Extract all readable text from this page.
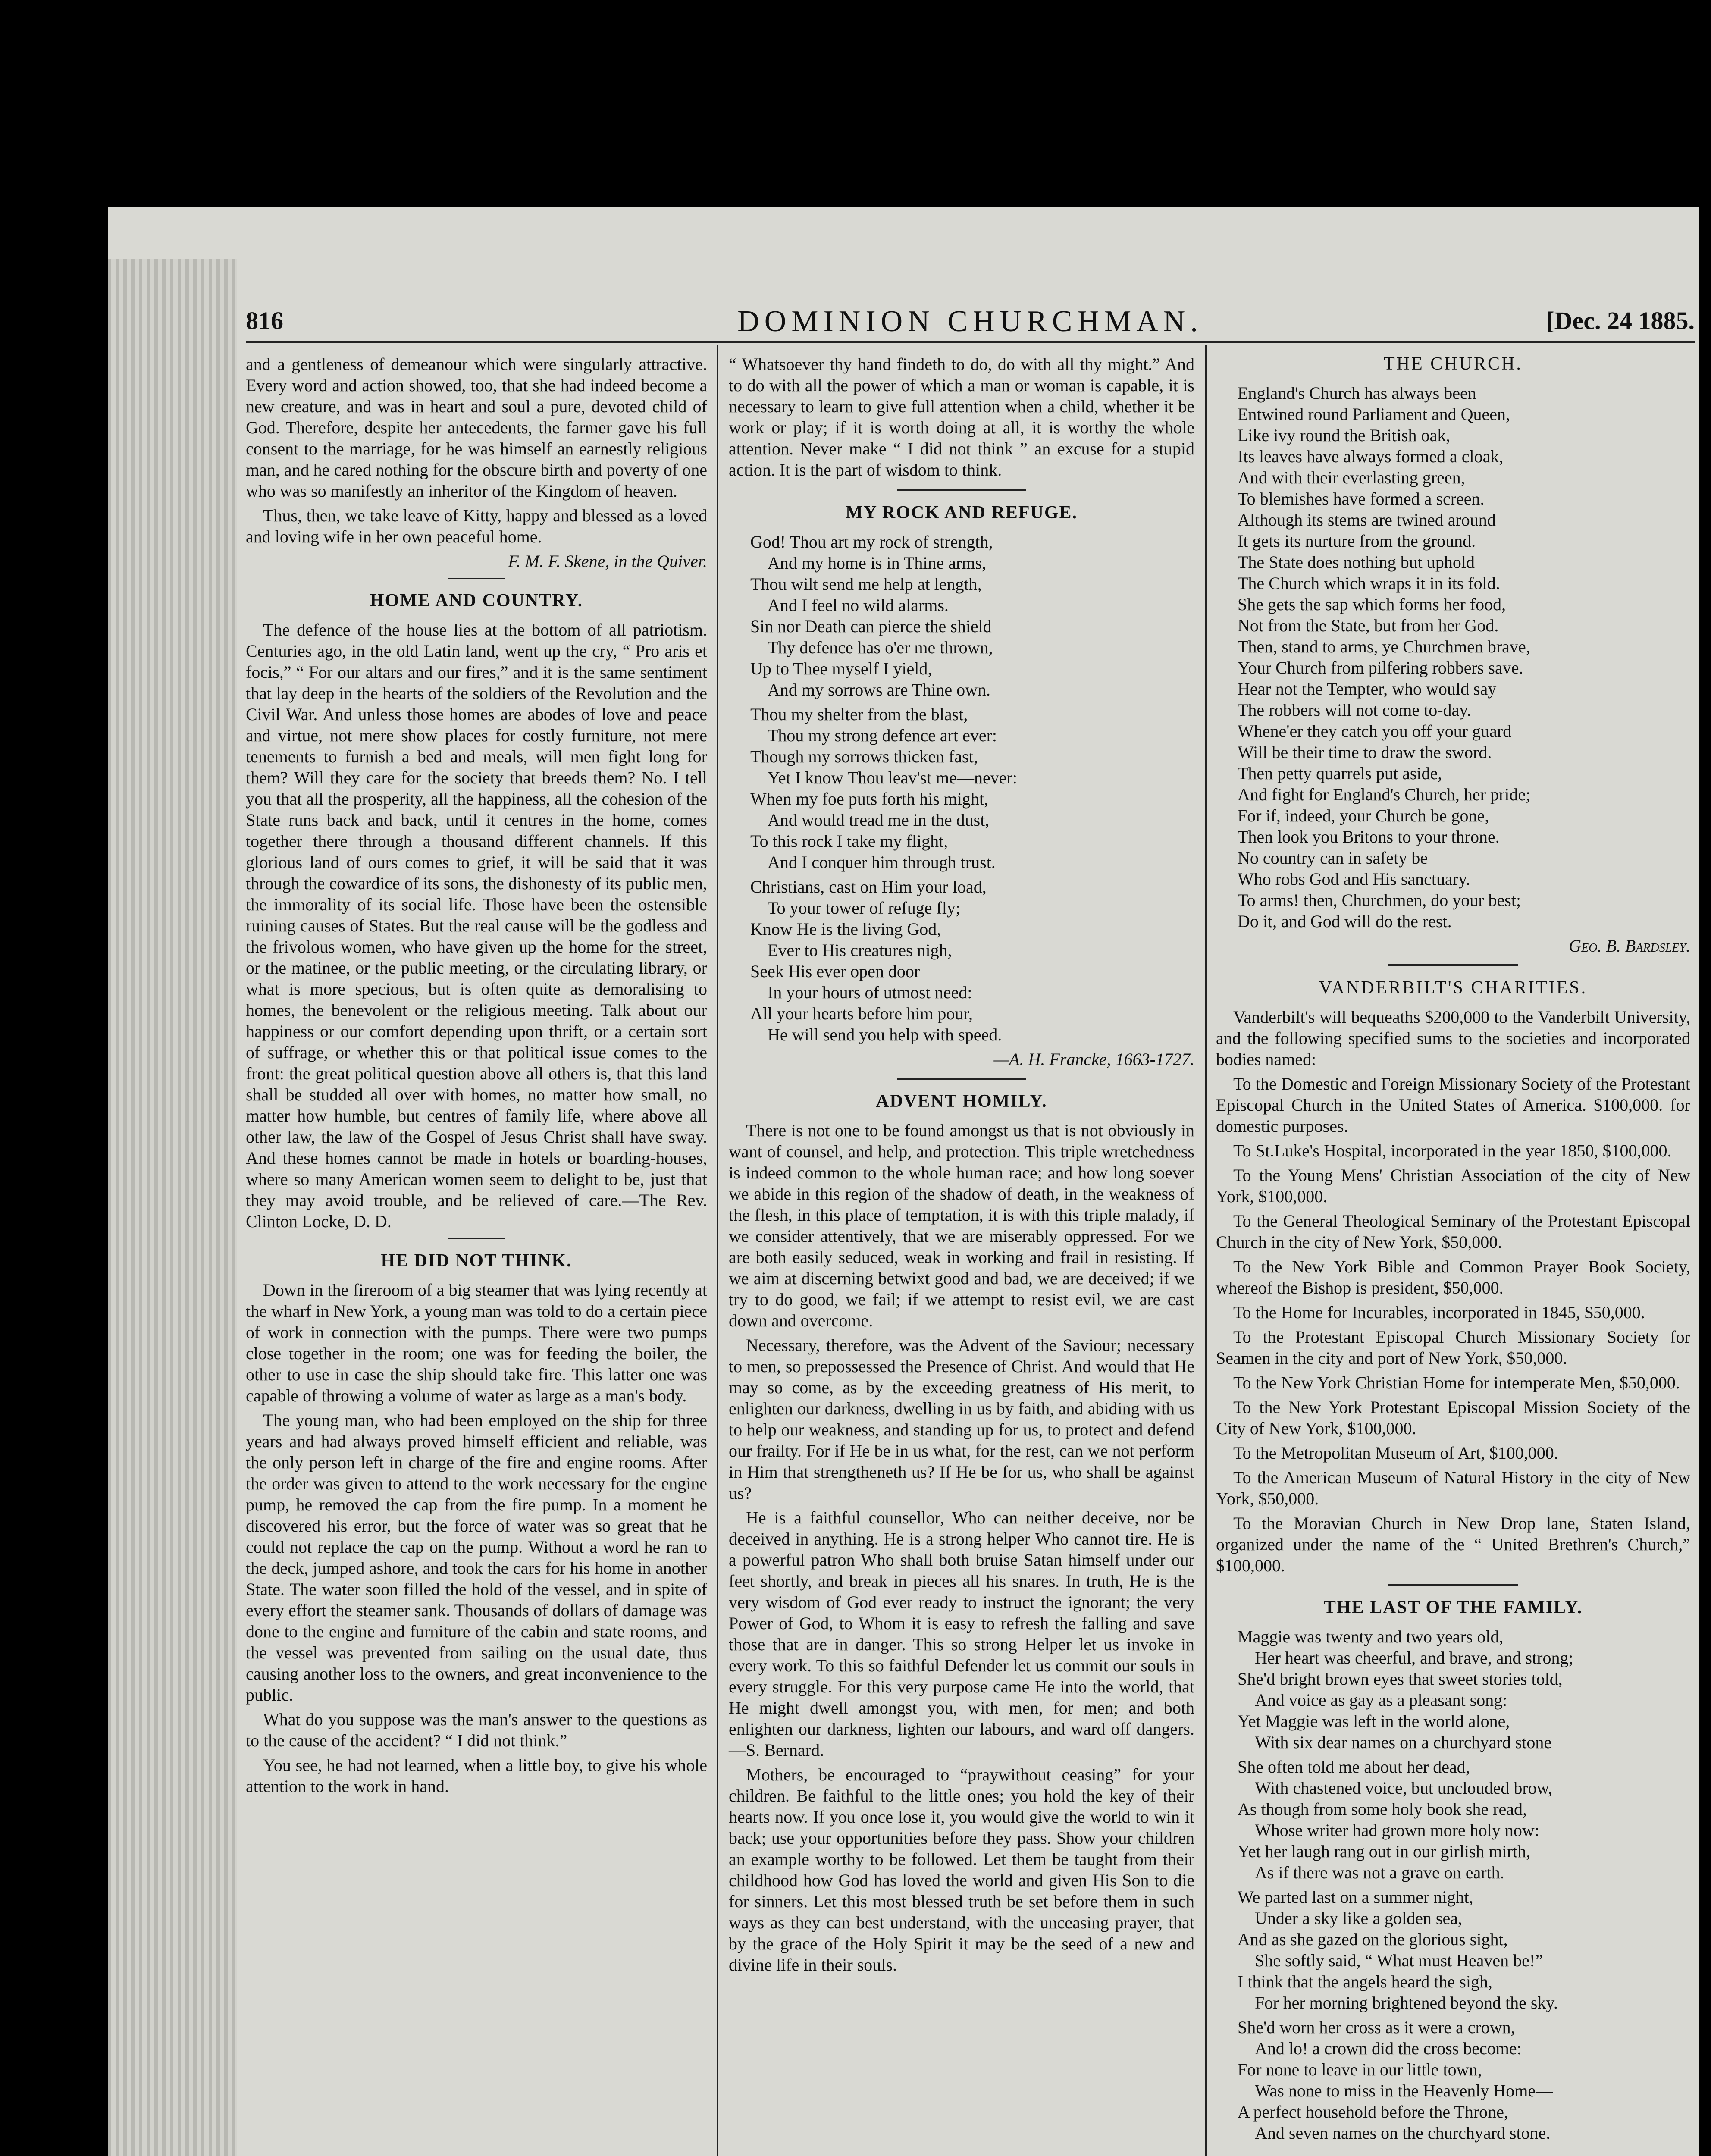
816	DOMINION CHURCHMAN.	[Dec. 24 1885.

and a gentleness of demeanour which were singularly attractive. Every word and action showed, too, that she had indeed become a new creature, and was in heart and soul a pure, devoted child of God. Therefore, despite her antecedents, the farmer gave his full consent to the marriage, for he was himself an earnestly religious man, and he cared nothing for the obscure birth and poverty of one who was so manifestly an inheritor of the Kingdom of heaven.

Thus, then, we take leave of Kitty, happy and blessed as a loved and loving wife in her own peaceful home.

F. M. F. Skene, in the Quiver.
HOME AND COUNTRY.

The defence of the house lies at the bottom of all patriotism. Centuries ago, in the old Latin land, went up the cry, “ Pro aris et focis,” “ For our altars and our fires,” and it is the same sentiment that lay deep in the hearts of the soldiers of the Revolution and the Civil War. And unless those homes are abodes of love and peace and virtue, not mere show places for costly furniture, not mere tenements to furnish a bed and meals, will men fight long for them? Will they care for the society that breeds them? No. I tell you that all the prosperity, all the happiness, all the cohesion of the State runs back and back, until it centres in the home, comes together there through a thousand different channels. If this glorious land of ours comes to grief, it will be said that it was through the cowardice of its sons, the dishonesty of its public men, the immorality of its social life. Those have been the ostensible ruining causes of States. But the real cause will be the godless and the frivolous women, who have given up the home for the street, or the matinee, or the public meeting, or the circulating library, or what is more specious, but is often quite as demoralising to homes, the benevolent or the religious meeting. Talk about our happiness or our comfort depending upon thrift, or a certain sort of suffrage, or whether this or that political issue comes to the front: the great political question above all others is, that this land shall be studded all over with homes, no matter how small, no matter how humble, but centres of family life, where above all other law, the law of the Gospel of Jesus Christ shall have sway. And these homes cannot be made in hotels or boarding-houses, where so many American women seem to delight to be, just that they may avoid trouble, and be relieved of care.—The Rev. Clinton Locke, D. D.

HE DID NOT THINK.

Down in the fireroom of a big steamer that was lying recently at the wharf in New York, a young man was told to do a certain piece of work in connection with the pumps. There were two pumps close together in the room; one was for feeding the boiler, the other to use in case the ship should take fire. This latter one was capable of throwing a volume of water as large as a man's body.

The young man, who had been employed on the ship for three years and had always proved himself efficient and reliable, was the only person left in charge of the fire and engine rooms. After the order was given to attend to the work necessary for the engine pump, he removed the cap from the fire pump. In a moment he discovered his error, but the force of water was so great that he could not replace the cap on the pump. Without a word he ran to the deck, jumped ashore, and took the cars for his home in another State. The water soon filled the hold of the vessel, and in spite of every effort the steamer sank. Thousands of dollars of damage was done to the engine and furniture of the cabin and state rooms, and the vessel was prevented from sailing on the usual date, thus causing another loss to the owners, and great inconvenience to the public.

What do you suppose was the man's answer to the questions as to the cause of the accident? “ I did not think.”

You see, he had not learned, when a little boy, to give his whole attention to the work in hand.

“ Whatsoever thy hand findeth to do, do with all thy might.” And to do with all the power of which a man or woman is capable, it is necessary to learn to give full attention when a child, whether it be work or play; if it is worth doing at all, it is worthy the whole attention. Never make “ I did not think ” an excuse for a stupid action. It is the part of wisdom to think.

MY ROCK AND REFUGE.
God! Thou art my rock of strength,
And my home is in Thine arms,
Thou wilt send me help at length,
And I feel no wild alarms.
Sin nor Death can pierce the shield
Thy defence has o'er me thrown,
Up to Thee myself I yield,
And my sorrows are Thine own.
Thou my shelter from the blast,
Thou my strong defence art ever:
Though my sorrows thicken fast,
Yet I know Thou leav'st me—never:
When my foe puts forth his might,
And would tread me in the dust,
To this rock I take my flight,
And I conquer him through trust.
Christians, cast on Him your load,
To your tower of refuge fly;
Know He is the living God,
Ever to His creatures nigh,
Seek His ever open door
In your hours of utmost need:
All your hearts before him pour,
He will send you help with speed.
—A. H. Francke, 1663-1727.
ADVENT HOMILY.

There is not one to be found amongst us that is not obviously in want of counsel, and help, and protection. This triple wretchedness is indeed common to the whole human race; and how long soever we abide in this region of the shadow of death, in the weakness of the flesh, in this place of temptation, it is with this triple malady, if we consider attentively, that we are miserably oppressed. For we are both easily seduced, weak in working and frail in resisting. If we aim at discerning betwixt good and bad, we are deceived; if we try to do good, we fail; if we attempt to resist evil, we are cast down and overcome.

Necessary, therefore, was the Advent of the Saviour; necessary to men, so prepossessed the Presence of Christ. And would that He may so come, as by the exceeding greatness of His merit, to enlighten our darkness, dwelling in us by faith, and abiding with us to help our weakness, and standing up for us, to protect and defend our frailty. For if He be in us what, for the rest, can we not perform in Him that strengtheneth us? If He be for us, who shall be against us?

He is a faithful counsellor, Who can neither deceive, nor be deceived in anything. He is a strong helper Who cannot tire. He is a powerful patron Who shall both bruise Satan himself under our feet shortly, and break in pieces all his snares. In truth, He is the very wisdom of God ever ready to instruct the ignorant; the very Power of God, to Whom it is easy to refresh the falling and save those that are in danger. This so strong Helper let us invoke in every work. To this so faithful Defender let us commit our souls in every struggle. For this very purpose came He into the world, that He might dwell amongst you, with men, for men; and both enlighten our darkness, lighten our labours, and ward off dangers.—S. Bernard.

Mothers, be encouraged to “praywithout ceasing” for your children. Be faithful to the little ones; you hold the key of their hearts now. If you once lose it, you would give the world to win it back; use your opportunities before they pass. Show your children an example worthy to be followed. Let them be taught from their childhood how God has loved the world and given His Son to die for sinners. Let this most blessed truth be set before them in such ways as they can best understand, with the unceasing prayer, that by the grace of the Holy Spirit it may be the seed of a new and divine life in their souls.

THE CHURCH.
England's Church has always been
Entwined round Parliament and Queen,
Like ivy round the British oak,
Its leaves have always formed a cloak,
And with their everlasting green,
To blemishes have formed a screen.
Although its stems are twined around
It gets its nurture from the ground.
The State does nothing but uphold
The Church which wraps it in its fold.
She gets the sap which forms her food,
Not from the State, but from her God.
Then, stand to arms, ye Churchmen brave,
Your Church from pilfering robbers save.
Hear not the Tempter, who would say
The robbers will not come to-day.
Whene'er they catch you off your guard
Will be their time to draw the sword.
Then petty quarrels put aside,
And fight for England's Church, her pride;
For if, indeed, your Church be gone,
Then look you Britons to your throne.
No country can in safety be
Who robs God and His sanctuary.
To arms! then, Churchmen, do your best;
Do it, and God will do the rest.
Geo. B. Bardsley.
VANDERBILT'S CHARITIES.

Vanderbilt's will bequeaths $200,000 to the Vanderbilt University, and the following specified sums to the societies and incorporated bodies named:

To the Domestic and Foreign Missionary Society of the Protestant Episcopal Church in the United States of America. $100,000. for domestic purposes.

To St.Luke's Hospital, incorporated in the year 1850, $100,000.

To the Young Mens' Christian Association of the city of New York, $100,000.

To the General Theological Seminary of the Protestant Episcopal Church in the city of New York, $50,000.

To the New York Bible and Common Prayer Book Society, whereof the Bishop is president, $50,000.

To the Home for Incurables, incorporated in 1845, $50,000.

To the Protestant Episcopal Church Missionary Society for Seamen in the city and port of New York, $50,000.

To the New York Christian Home for intemperate Men, $50,000.

To the New York Protestant Episcopal Mission Society of the City of New York, $100,000.

To the Metropolitan Museum of Art, $100,000.

To the American Museum of Natural History in the city of New York, $50,000.

To the Moravian Church in New Drop lane, Staten Island, organized under the name of the “ United Brethren's Church,” $100,000.

THE LAST OF THE FAMILY.
Maggie was twenty and two years old,
Her heart was cheerful, and brave, and strong;
She'd bright brown eyes that sweet stories told,
And voice as gay as a pleasant song:
Yet Maggie was left in the world alone,
With six dear names on a churchyard stone
She often told me about her dead,
With chastened voice, but unclouded brow,
As though from some holy book she read,
Whose writer had grown more holy now:
Yet her laugh rang out in our girlish mirth,
As if there was not a grave on earth.
We parted last on a summer night,
Under a sky like a golden sea,
And as she gazed on the glorious sight,
She softly said, “ What must Heaven be!”
I think that the angels heard the sigh,
For her morning brightened beyond the sky.
She'd worn her cross as it were a crown,
And lo! a crown did the cross become:
For none to leave in our little town,
Was none to miss in the Heavenly Home—
A perfect household before the Throne,
And seven names on the churchyard stone.
